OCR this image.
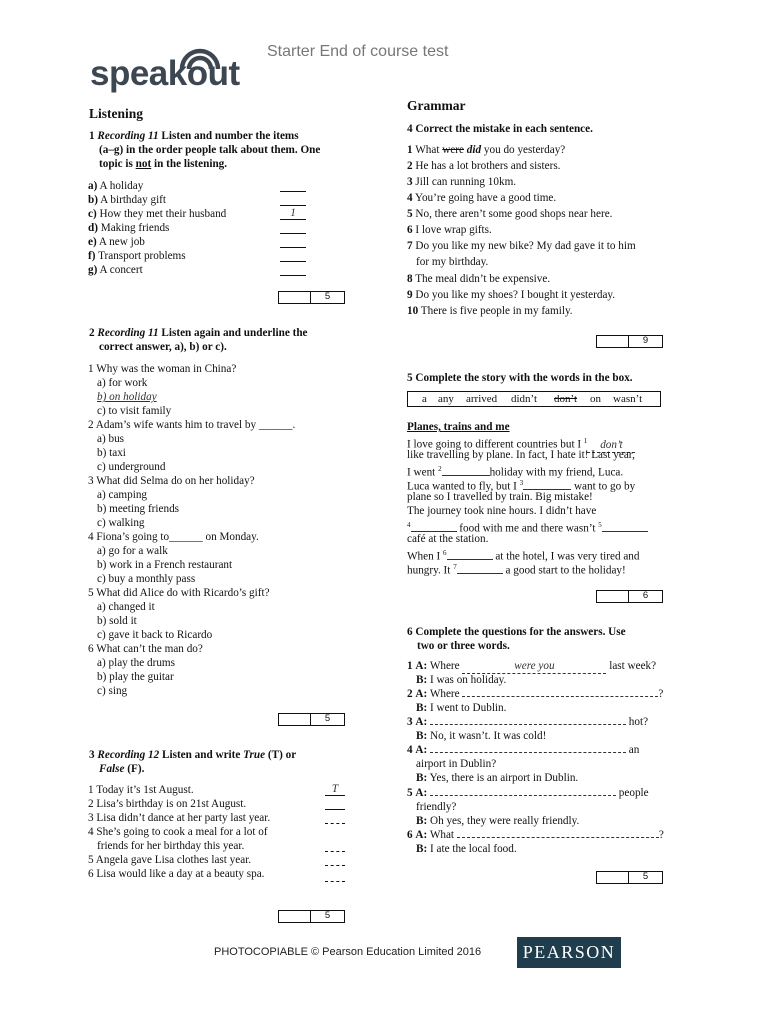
speakout
Starter End of course test
Listening
1 Recording 11 Listen and number the items
(a–g) in the order people talk about them. One
topic is not in the listening.
a) A holiday
b) A birthday gift
c) How they met their husband	1
d) Making friends
e) A new job
f) Transport problems
g) A concert
5
2 Recording 11 Listen again and underline the
correct answer, a), b) or c).
1 Why was the woman in China?
a) for work
b) on holiday
c) to visit family
2 Adam’s wife wants him to travel by ______.
a) bus
b) taxi
c) underground
3 What did Selma do on her holiday?
a) camping
b) meeting friends
c) walking
4 Fiona’s going to______ on Monday.
a) go for a walk
b) work in a French restaurant
c) buy a monthly pass
5 What did Alice do with Ricardo’s gift?
a) changed it
b) sold it
c) gave it back to Ricardo
6 What can’t the man do?
a) play the drums
b) play the guitar
c) sing
5
3 Recording 12 Listen and write True (T) or
False (F).
1 Today it’s 1st August.	T
2 Lisa’s birthday is on 21st August.
3 Lisa didn’t dance at her party last year.
4 She’s going to cook a meal for a lot of
friends for her birthday this year.
5 Angela gave Lisa clothes last year.
6 Lisa would like a day at a beauty spa.
5
Grammar
4 Correct the mistake in each sentence.
1 What were did you do yesterday?
2 He has a lot brothers and sisters.
3 Jill can running 10km.
4 You’re going have a good time.
5 No, there aren’t some good shops near here.
6 I love wrap gifts.
7 Do you like my new bike? My dad gave it to him
for my birthday.
8 The meal didn’t be expensive.
9 Do you like my shoes? I bought it yesterday.
10 There is five people in my family.
9
5 Complete the story with the words in the box.
a any arrived didn’t don’t on wasn’t
Planes, trains and me
I love going to different countries but I $^1$ don’t
like travelling by plane. In fact, I hate it! Last year,
I went $^2$	holiday with my friend, Luca.
Luca wanted to fly, but I $^3$	want to go by
plane so I travelled by train. Big mistake!
The journey took nine hours. I didn’t have
$^4$	food with me and there wasn’t $^5$
café at the station.
When I $^6$	at the hotel, I was very tired and
hungry. It $^7$	a good start to the holiday!
6
6 Complete the questions for the answers. Use
two or three words.
1 A: Where	were you	last week?
B: I was on holiday.
2 A: Where	?
B: I went to Dublin.
3 A:	hot?
B: No, it wasn’t. It was cold!
4 A:	an
airport in Dublin?
B: Yes, there is an airport in Dublin.
5 A:	people
friendly?
B: Oh yes, they were really friendly.
6 A: What	?
B: I ate the local food.
5
PHOTOCOPIABLE © Pearson Education Limited 2016	PEARSON
